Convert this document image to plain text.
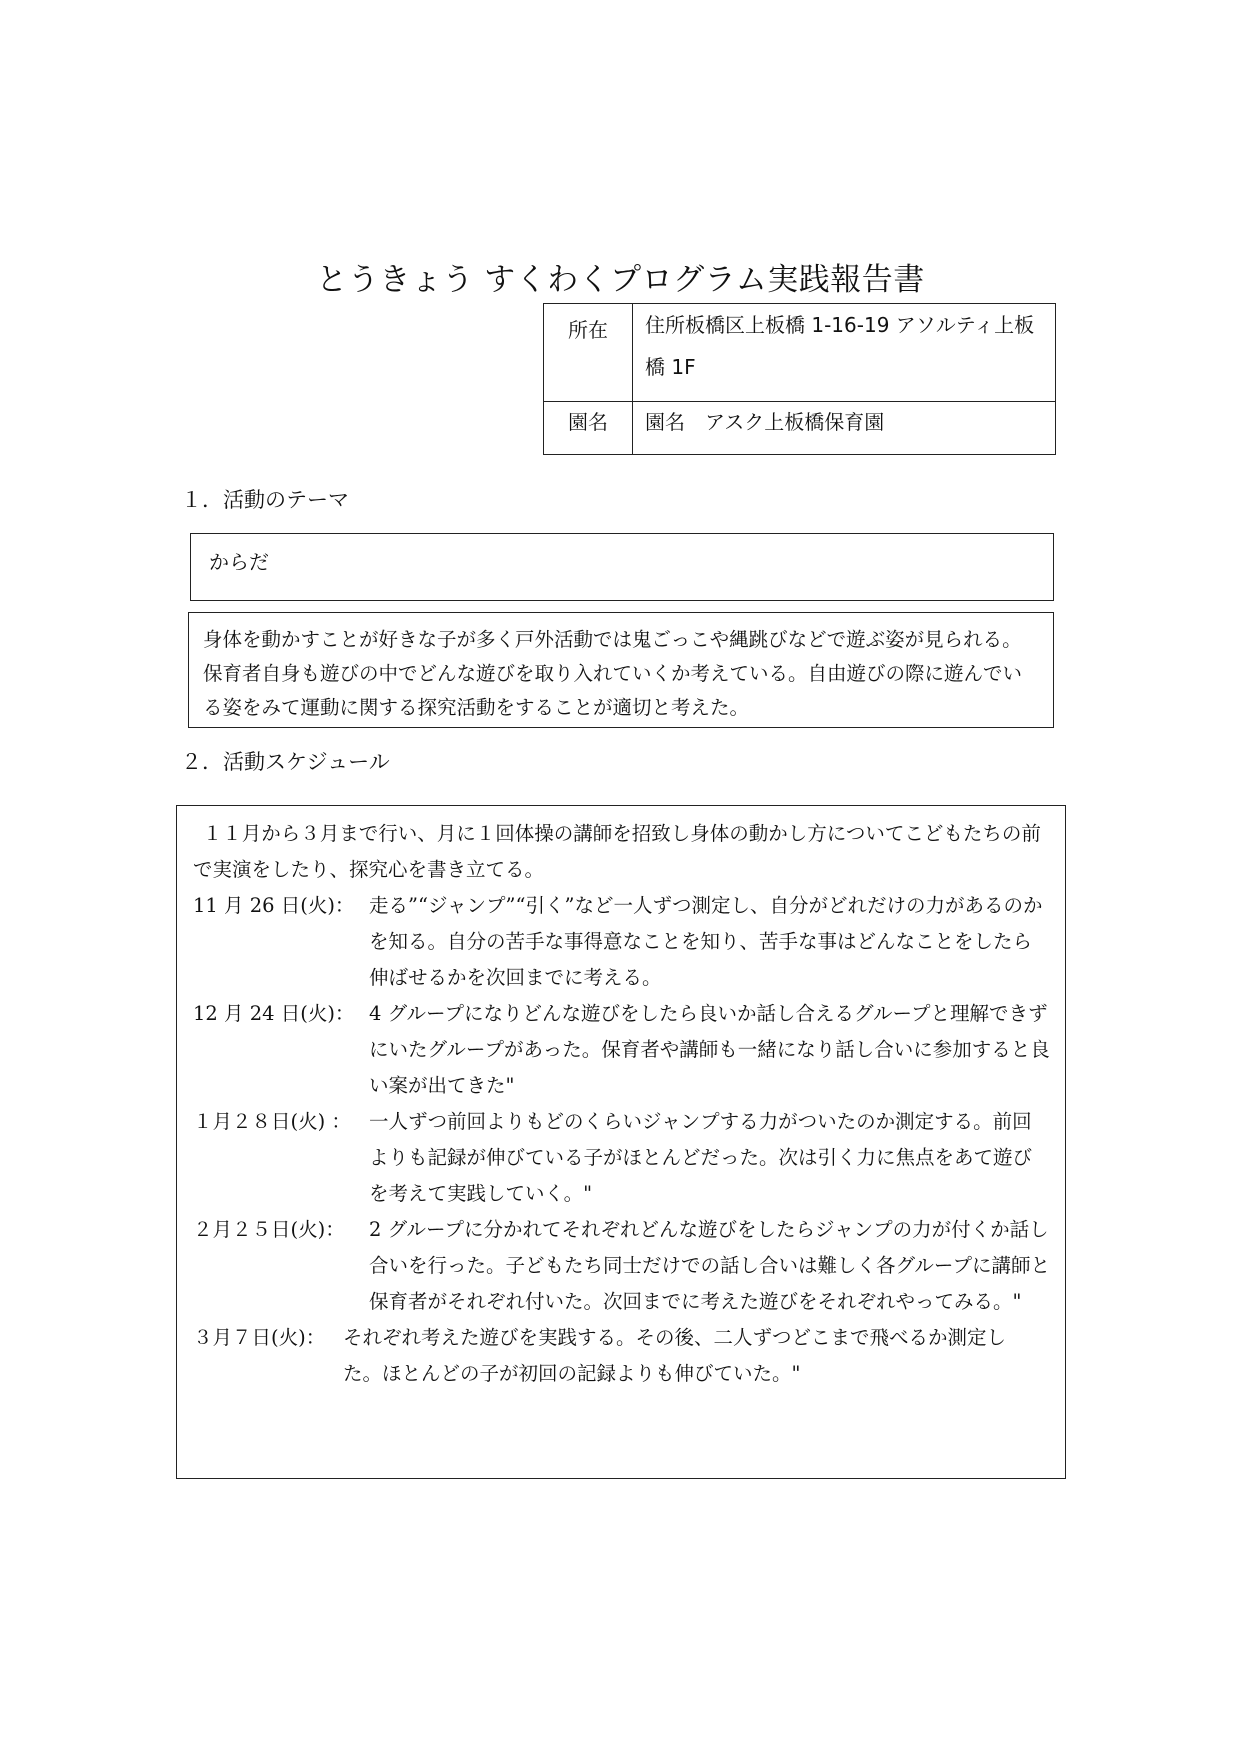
とうきょう すくわくプログラム実践報告書
所在	住所板橋区上板橋 1-16-19 アソルティ上板橋 1F
園名	園名　アスク上板橋保育園
１．活動のテーマ
からだ
身体を動かすことが好きな子が多く戸外活動では鬼ごっこや縄跳びなどで遊ぶ姿が見られる。保育者自身も遊びの中でどんな遊びを取り入れていくか考えている。自由遊びの際に遊んでいる姿をみて運動に関する探究活動をすることが適切と考えた。
２．活動スケジュール

１１月から３月まで行い、月に１回体操の講師を招致し身体の動かし方についてこどもたちの前で実演をしたり、探究心を書き立てる。

11 月 26 日(火)： 走る”“ジャンプ”“引く”など一人ずつ測定し、自分がどれだけの力があるのかを知る。自分の苦手な事得意なことを知り、苦手な事はどんなことをしたら伸ばせるかを次回までに考える。
12 月 24 日(火)： 4 グループになりどんな遊びをしたら良いか話し合えるグループと理解できずにいたグループがあった。保育者や講師も一緒になり話し合いに参加すると良い案が出てきた"
１月２８日(火) ： 一人ずつ前回よりもどのくらいジャンプする力がついたのか測定する。前回よりも記録が伸びている子がほとんどだった。次は引く力に焦点をあて遊びを考えて実践していく。"
２月２５日(火)：	2 グループに分かれてそれぞれどんな遊びをしたらジャンプの力が付くか話し合いを行った。子どもたち同士だけでの話し合いは難しく各グループに講師と保育者がそれぞれ付いた。次回までに考えた遊びをそれぞれやってみる。"
３月７日(火)： それぞれ考えた遊びを実践する。その後、二人ずつどこまで飛べるか測定した。ほとんどの子が初回の記録よりも伸びていた。"
